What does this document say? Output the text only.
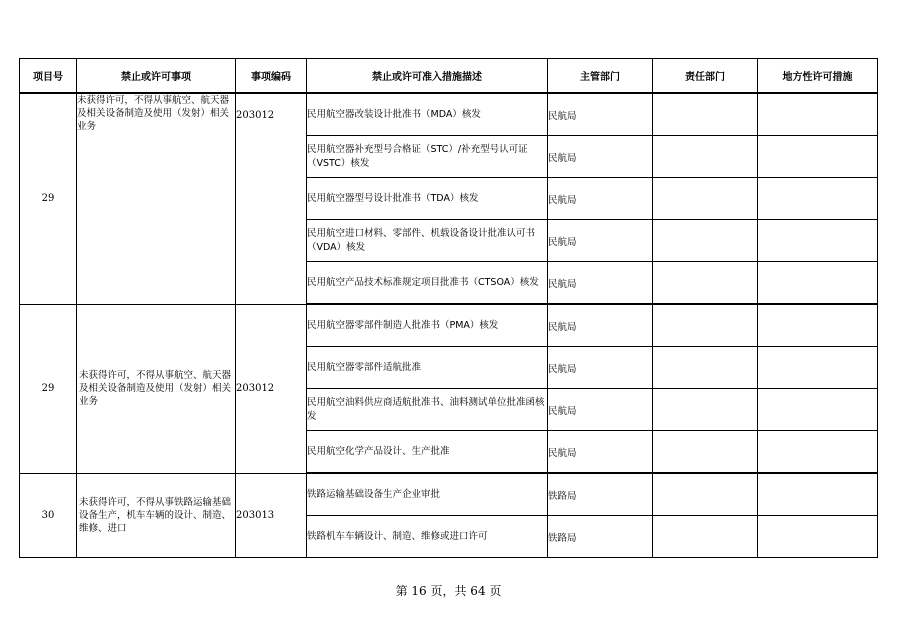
项目号	禁止或许可事项	事项编码	禁止或许可准入措施描述	主管部门	责任部门	地方性许可措施
29	未获得许可，不得从事航空、航天器及相关设备制造及使用（发射）相关业务	203012	民用航空器改装设计批准书（MDA）核发	民航局		
			民用航空器补充型号合格证（STC）/补充型号认可证（VSTC）核发	民航局		
			民用航空器型号设计批准书（TDA）核发	民航局		
			民用航空进口材料、零部件、机载设备设计批准认可书（VDA）核发	民航局		
			民用航空产品技术标准规定项目批准书（CTSOA）核发	民航局		
29	未获得许可，不得从事航空、航天器及相关设备制造及使用（发射）相关业务	203012	民用航空器零部件制造人批准书（PMA）核发	民航局		
			民用航空器零部件适航批准	民航局		
			民用航空油料供应商适航批准书、油料测试单位批准函核发	民航局		
			民用航空化学产品设计、生产批准	民航局		
30	未获得许可，不得从事铁路运输基础设备生产，机车车辆的设计、制造、维修、进口	203013	铁路运输基础设备生产企业审批	铁路局		
			铁路机车车辆设计、制造、维修或进口许可	铁路局		
第 16 页，共 64 页
